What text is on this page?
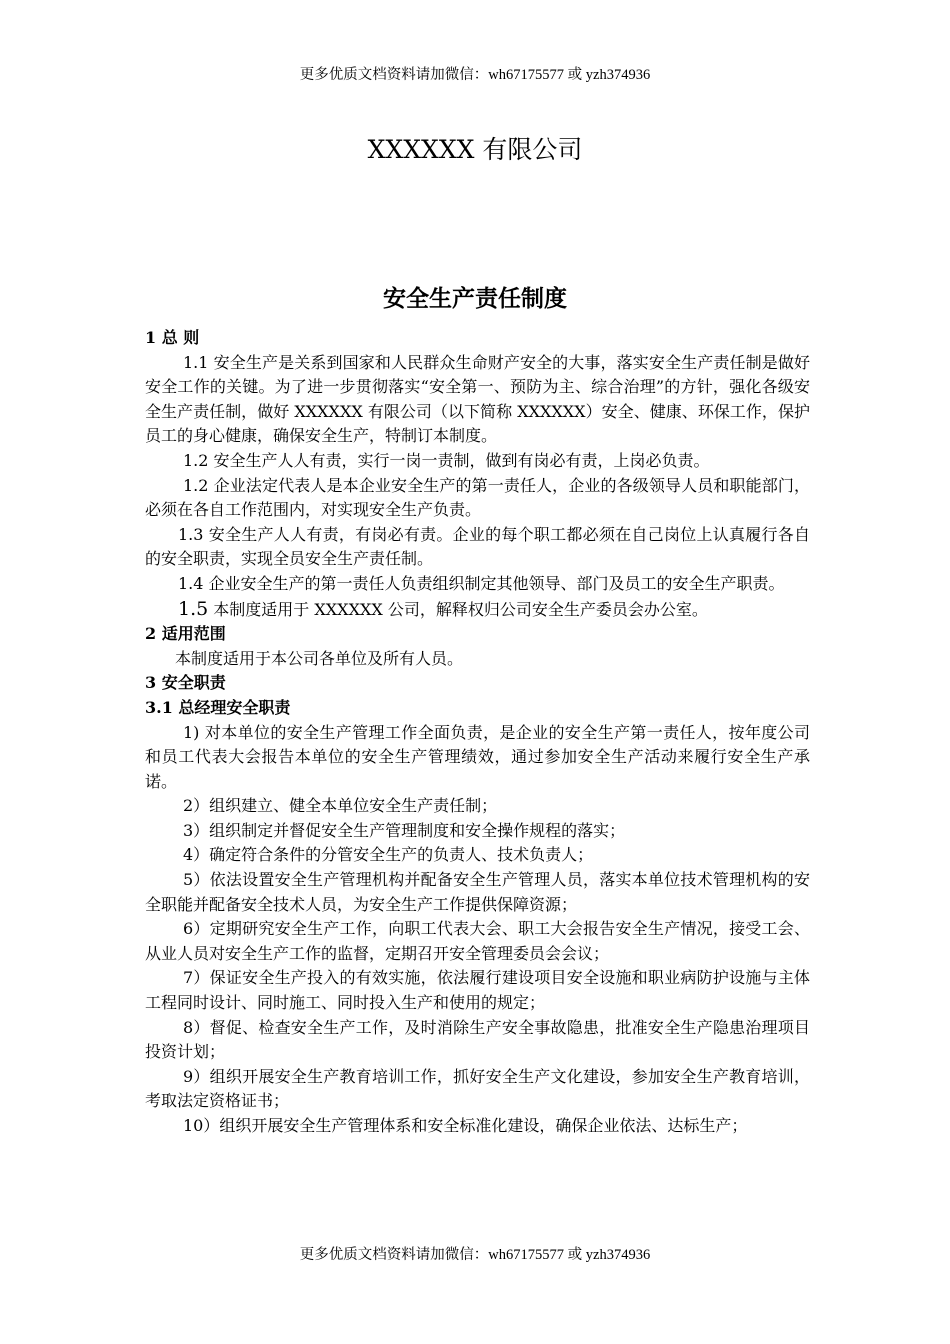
更多优质文档资料请加微信：wh67175577 或 yzh374936
XXXXXX 有限公司
安全生产责任制度

1 总 则

1.1 安全生产是关系到国家和人民群众生命财产安全的大事，落实安全生产责任制是做好安全工作的关键。为了进一步贯彻落实“安全第一、预防为主、综合治理”的方针，强化各级安全生产责任制，做好 XXXXXX 有限公司（以下简称 XXXXXX）安全、健康、环保工作，保护员工的身心健康，确保安全生产，特制订本制度。

1.2 安全生产人人有责，实行一岗一责制，做到有岗必有责，上岗必负责。

1.2 企业法定代表人是本企业安全生产的第一责任人，企业的各级领导人员和职能部门，必须在各自工作范围内，对实现安全生产负责。

1.3 安全生产人人有责，有岗必有责。企业的每个职工都必须在自己岗位上认真履行各自的安全职责，实现全员安全生产责任制。

1.4 企业安全生产的第一责任人负责组织制定其他领导、部门及员工的安全生产职责。

1.5 本制度适用于 XXXXXX 公司，解释权归公司安全生产委员会办公室。

2 适用范围

本制度适用于本公司各单位及所有人员。

3 安全职责

3.1 总经理安全职责

1) 对本单位的安全生产管理工作全面负责，是企业的安全生产第一责任人，按年度公司和员工代表大会报告本单位的安全生产管理绩效，通过参加安全生产活动来履行安全生产承诺。

2）组织建立、健全本单位安全生产责任制；

3）组织制定并督促安全生产管理制度和安全操作规程的落实；

4）确定符合条件的分管安全生产的负责人、技术负责人；

5）依法设置安全生产管理机构并配备安全生产管理人员，落实本单位技术管理机构的安全职能并配备安全技术人员，为安全生产工作提供保障资源；

6）定期研究安全生产工作，向职工代表大会、职工大会报告安全生产情况，接受工会、从业人员对安全生产工作的监督，定期召开安全管理委员会会议；

7）保证安全生产投入的有效实施，依法履行建设项目安全设施和职业病防护设施与主体工程同时设计、同时施工、同时投入生产和使用的规定；

8）督促、检查安全生产工作，及时消除生产安全事故隐患，批准安全生产隐患治理项目投资计划；

9）组织开展安全生产教育培训工作，抓好安全生产文化建设，参加安全生产教育培训，考取法定资格证书；

10）组织开展安全生产管理体系和安全标准化建设，确保企业依法、达标生产；

更多优质文档资料请加微信：wh67175577 或 yzh374936
